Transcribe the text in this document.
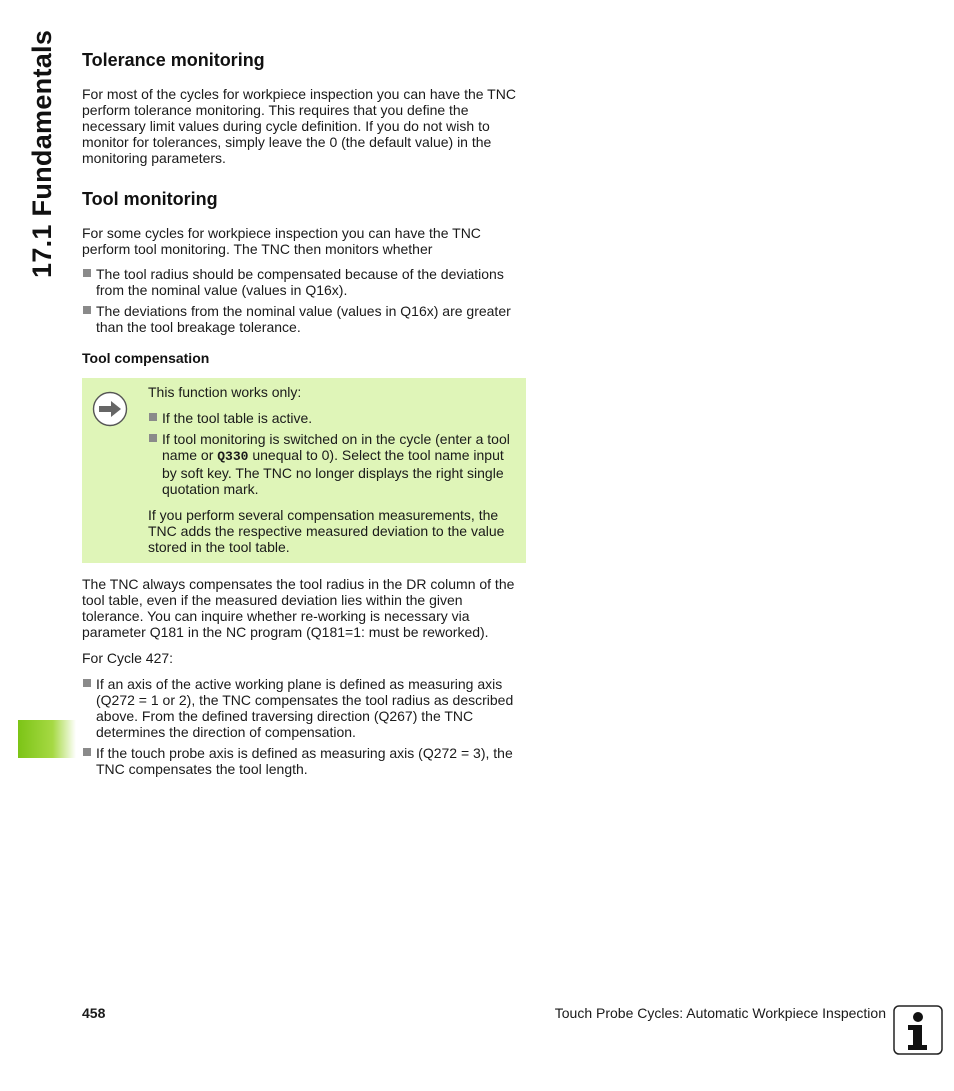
17.1 Fundamentals Tolerance monitoring

For most of the cycles for workpiece inspection you can have the TNC perform tolerance monitoring. This requires that you define the necessary limit values during cycle definition. If you do not wish to monitor for tolerances, simply leave the 0 (the default value) in the monitoring parameters.

Tool monitoring

For some cycles for workpiece inspection you can have the TNC perform tool monitoring. The TNC then monitors whether

The tool radius should be compensated because of the deviations from the nominal value (values in Q16x).
The deviations from the nominal value (values in Q16x) are greater than the tool breakage tolerance.
Tool compensation

This function works only:

If the tool table is active.
If tool monitoring is switched on in the cycle (enter a tool name or Q330 unequal to 0). Select the tool name input by soft key. The TNC no longer displays the right single quotation mark.

If you perform several compensation measurements, the TNC adds the respective measured deviation to the value stored in the tool table.

The TNC always compensates the tool radius in the DR column of the tool table, even if the measured deviation lies within the given tolerance. You can inquire whether re-working is necessary via parameter Q181 in the NC program (Q181=1: must be reworked).

For Cycle 427:

If an axis of the active working plane is defined as measuring axis (Q272 = 1 or 2), the TNC compensates the tool radius as described above. From the defined traversing direction (Q267) the TNC determines the direction of compensation.
If the touch probe axis is defined as measuring axis (Q272 = 3), the TNC compensates the tool length.
458	Touch Probe Cycles: Automatic Workpiece Inspection
